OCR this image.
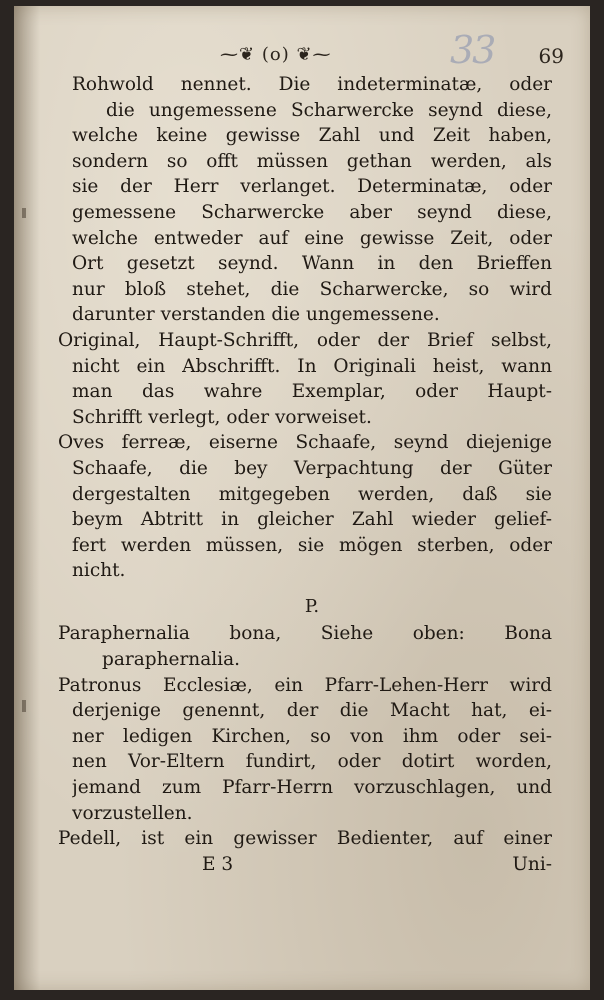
33
⁓❦ (o) ❦⁓	69
Rohwold nennet. Die indeterminatæ, oder
die ungemessene Scharwercke seynd diese,
welche keine gewisse Zahl und Zeit haben,
sondern so offt müssen gethan werden, als
sie der Herr verlanget. Determinatæ, oder
gemessene Scharwercke aber seynd diese,
welche entweder auf eine gewisse Zeit, oder
Ort gesetzt seynd. Wann in den Brieffen
nur bloß stehet, die Scharwercke, so wird
darunter verstanden die ungemessene.
Original, Haupt-Schrifft, oder der Brief selbst,
nicht ein Abschrifft. In Originali heist, wann
man das wahre Exemplar, oder Haupt-
Schrifft verlegt, oder vorweiset.
Oves ferreæ, eiserne Schaafe, seynd diejenige
Schaafe, die bey Verpachtung der Güter
dergestalten mitgegeben werden, daß sie
beym Abtritt in gleicher Zahl wieder gelief-
fert werden müssen, sie mögen sterben, oder
nicht.
P.
Paraphernalia bona, Siehe oben: Bona
paraphernalia.
Patronus Ecclesiæ, ein Pfarr-Lehen-Herr wird
derjenige genennt, der die Macht hat, ei-
ner ledigen Kirchen, so von ihm oder sei-
nen Vor-Eltern fundirt, oder dotirt worden,
jemand zum Pfarr-Herrn vorzuschlagen, und
vorzustellen.
Pedell, ist ein gewisser Bedienter, auf einer
E 3	Uni-
